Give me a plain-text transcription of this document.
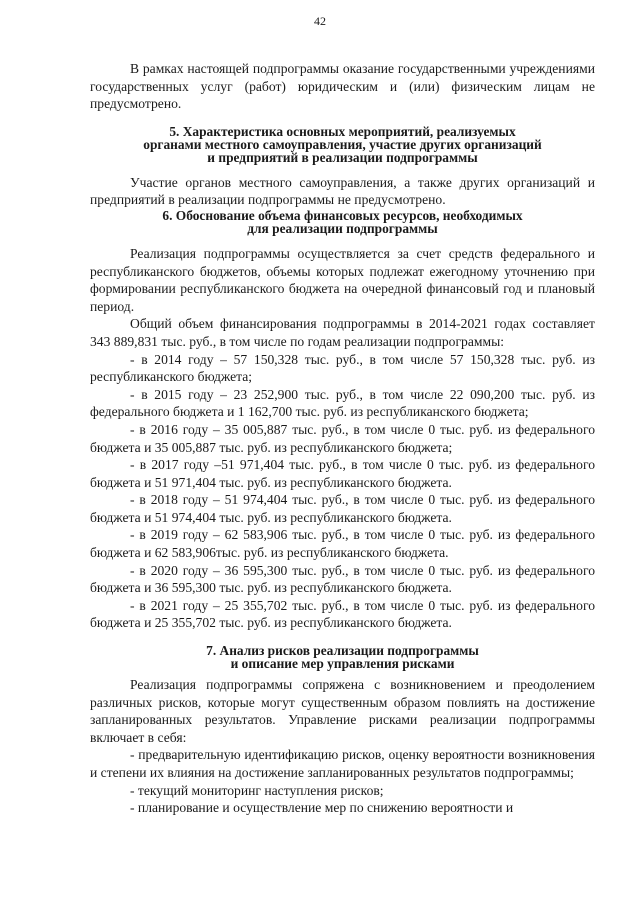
42

В рамках настоящей подпрограммы оказание государственными учреждениями государственных услуг (работ) юридическим и (или) физическим лицам не предусмотрено.

5. Характеристика основных мероприятий, реализуемых
органами местного самоуправления, участие других организаций
и предприятий в реализации подпрограммы

Участие органов местного самоуправления, а также других организаций и предприятий в реализации подпрограммы не предусмотрено.

6. Обоснование объема финансовых ресурсов, необходимых
для реализации подпрограммы

Реализация подпрограммы осуществляется за счет средств федерального и республиканского бюджетов, объемы которых подлежат ежегодному уточнению при формировании республиканского бюджета на очередной финансовый год и плановый период.

Общий объем финансирования подпрограммы в 2014-2021 годах составляет 343 889,831 тыс. руб., в том числе по годам реализации подпрограммы:

- в 2014 году – 57 150,328 тыс. руб., в том числе 57 150,328 тыс. руб. из республиканского бюджета;

- в 2015 году – 23 252,900 тыс. руб., в том числе 22 090,200 тыс. руб. из федерального бюджета и 1 162,700 тыс. руб. из республиканского бюджета;

- в 2016 году – 35 005,887 тыс. руб., в том числе 0 тыс. руб. из федерального бюджета и 35 005,887 тыс. руб. из республиканского бюджета;

- в 2017 году –51 971,404 тыс. руб., в том числе 0 тыс. руб. из федерального бюджета и 51 971,404 тыс. руб. из республиканского бюджета.

- в 2018 году – 51 974,404 тыс. руб., в том числе 0 тыс. руб. из федерального бюджета и 51 974,404 тыс. руб. из республиканского бюджета.

- в 2019 году – 62 583,906 тыс. руб., в том числе 0 тыс. руб. из федерального бюджета и 62 583,906тыс. руб. из республиканского бюджета.

- в 2020 году – 36 595,300 тыс. руб., в том числе 0 тыс. руб. из федерального бюджета и 36 595,300 тыс. руб. из республиканского бюджета.

- в 2021 году – 25 355,702 тыс. руб., в том числе 0 тыс. руб. из федерального бюджета и 25 355,702 тыс. руб. из республиканского бюджета.

7. Анализ рисков реализации подпрограммы
и описание мер управления рисками

Реализация подпрограммы сопряжена с возникновением и преодолением различных рисков, которые могут существенным образом повлиять на достижение запланированных результатов. Управление рисками реализации подпрограммы включает в себя:

- предварительную идентификацию рисков, оценку вероятности возникновения и степени их влияния на достижение запланированных результатов подпрограммы;

- текущий мониторинг наступления рисков;

- планирование и осуществление мер по снижению вероятности и
